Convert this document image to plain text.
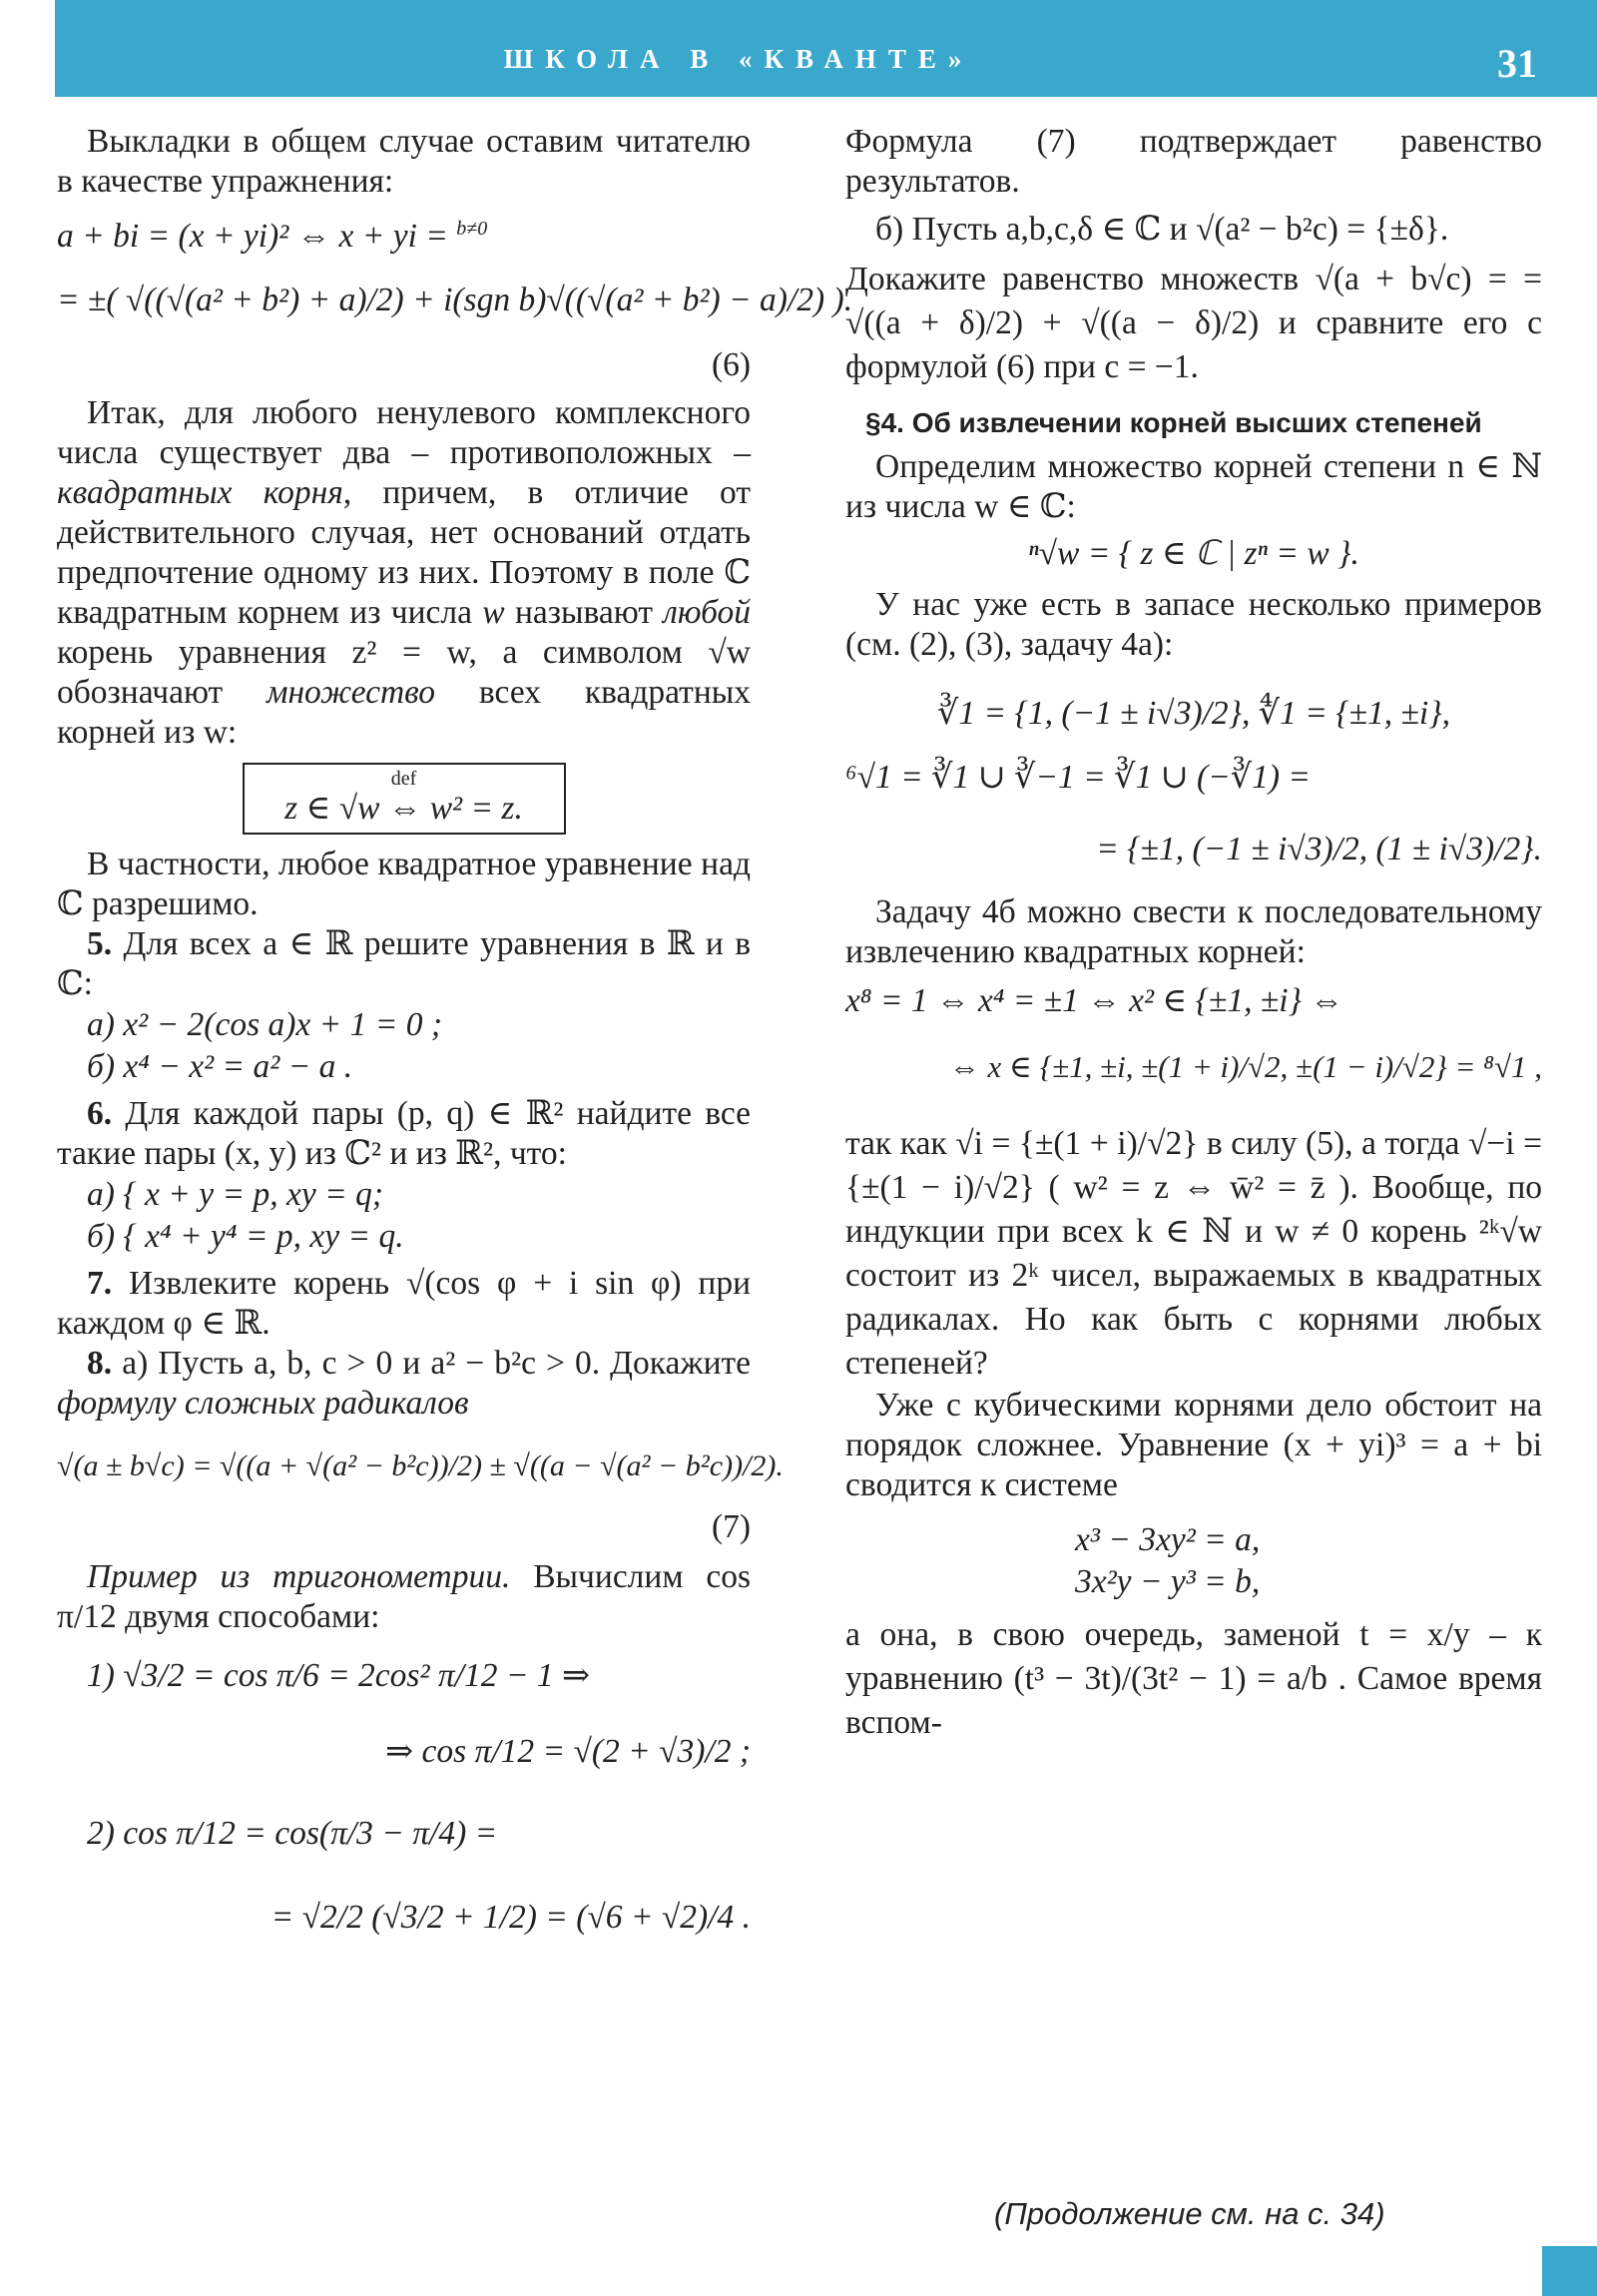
ШКОЛА В «КВАНТЕ»	31

Выкладки в общем случае оставим читателю в качестве упражнения:

a + bi = (x + yi)² ⇔ x + yi = $^{b\ne 0}$
= ±( √((√(a² + b²) + a)/2) + i(sgn b)√((√(a² + b²) − a)/2) ).
(6)

Итак, для любого ненулевого комплексного числа существует два – противоположных – квадратных корня, причем, в отличие от действительного случая, нет оснований отдать предпочтение одному из них. Поэтому в поле ℂ квадратным корнем из числа w называют любой корень уравнения z² = w, а символом √w обозначают множество всех квадратных корней из w:

def
z ∈ √w ⇔ w² = z.

В частности, любое квадратное уравнение над ℂ разрешимо.

5. Для всех a ∈ ℝ решите уравнения в ℝ и в ℂ:

а) x² − 2(cos a)x + 1 = 0 ;
б) x⁴ − x² = a² − a .

6. Для каждой пары (p, q) ∈ ℝ² найдите все такие пары (x, y) из ℂ² и из ℝ², что:

а) { x + y = p, xy = q;
б) { x⁴ + y⁴ = p, xy = q.

7. Извлеките корень √(cos φ + i sin φ) при каждом φ ∈ ℝ.

8. а) Пусть a, b, c > 0 и a² − b²c > 0. Докажите формулу сложных радикалов

√(a ± b√c) = √((a + √(a² − b²c))/2) ± √((a − √(a² − b²c))/2).
(7)

Пример из тригонометрии. Вычислим cos π/12 двумя способами:

1) √3/2 = cos π/6 = 2cos² π/12 − 1 ⇒
⇒ cos π/12 = √(2 + √3)/2 ;
2) cos π/12 = cos(π/3 − π/4) =
= √2/2 (√3/2 + 1/2) = (√6 + √2)/4 .

Формула (7) подтверждает равенство результатов.

б) Пусть a,b,c,δ ∈ ℂ и √(a² − b²c) = {±δ}.

Докажите равенство множеств √(a + b√c) = = √((a + δ)/2) + √((a − δ)/2) и сравните его с формулой (6) при c = −1.

§4. Об извлечении корней высших степеней

Определим множество корней степени n ∈ ℕ из числа w ∈ ℂ:

ⁿ√w = { z ∈ ℂ | zⁿ = w }.

У нас уже есть в запасе несколько примеров (см. (2), (3), задачу 4а):

∛1 = {1, (−1 ± i√3)/2}, ∜1 = {±1, ±i},
⁶√1 = ∛1 ∪ ∛−1 = ∛1 ∪ (−∛1) =
= {±1, (−1 ± i√3)/2, (1 ± i√3)/2}.

Задачу 4б можно свести к последовательному извлечению квадратных корней:

x⁸ = 1 ⇔ x⁴ = ±1 ⇔ x² ∈ {±1, ±i} ⇔
⇔ x ∈ {±1, ±i, ±(1 + i)/√2, ±(1 − i)/√2} = ⁸√1 ,

так как √i = {±(1 + i)/√2} в силу (5), а тогда √−i = {±(1 − i)/√2} ( w² = z ⇔ w̄² = z̄ ). Вообще, по индукции при всех k ∈ ℕ и w ≠ 0 корень ²ᵏ√w состоит из 2ᵏ чисел, выражаемых в квадратных радикалах. Но как быть с корнями любых степеней?

Уже с кубическими корнями дело обстоит на порядок сложнее. Уравнение (x + yi)³ = a + bi сводится к системе

x³ − 3xy² = a,
3x²y − y³ = b,

а она, в свою очередь, заменой t = x/y – к уравнению (t³ − 3t)/(3t² − 1) = a/b . Самое время вспом-

(Продолжение см. на с. 34)
